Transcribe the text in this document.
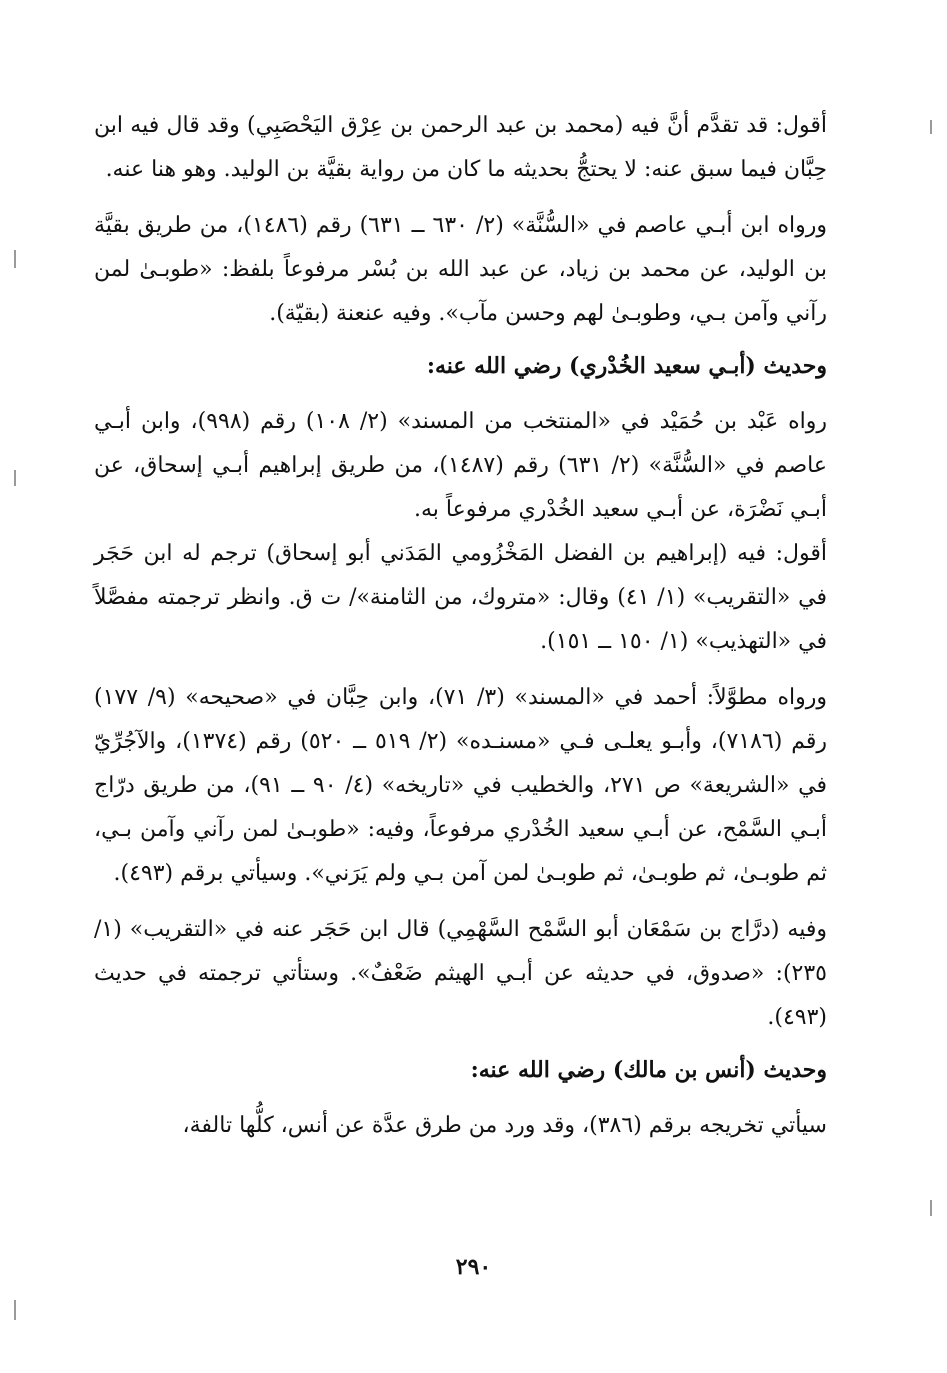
أقول: قد تقدَّم أنَّ فيه (محمد بن عبد الرحمن بن عِرْق اليَحْصَبِي) وقد قال فيه ابن حِبَّان فيما سبق عنه: لا يحتجُّ بحديثه ما كان من رواية بقيَّة بن الوليد. وهو هنا عنه.

ورواه ابن أبـي عاصم في «السُّنَّة» (٢/ ٦٣٠ ــ ٦٣١) رقم (١٤٨٦)، من طريق بقيَّة بن الوليد، عن محمد بن زياد، عن عبد الله بن بُسْر مرفوعاً بلفظ: «طوبـىٰ لمن رآني وآمن بـي، وطوبـىٰ لهم وحسن مآب». وفيه عنعنة (بقيّة).

وحديث (أبـي سعيد الخُدْري) رضي الله عنه:

رواه عَبْد بن حُمَيْد في «المنتخب من المسند» (٢/ ١٠٨) رقم (٩٩٨)، وابن أبـي عاصم في «السُّنَّة» (٢/ ٦٣١) رقم (١٤٨٧)، من طريق إبراهيم أبـي إسحاق، عن أبـي نَضْرَة، عن أبـي سعيد الخُدْري مرفوعاً به.

أقول: فيه (إبراهيم بن الفضل المَخْزُومي المَدَني أبو إسحاق) ترجم له ابن حَجَر في «التقريب» (١/ ٤١) وقال: «متروك، من الثامنة»/ ت ق. وانظر ترجمته مفصَّلاً في «التهذيب» (١/ ١٥٠ ــ ١٥١).

ورواه مطوَّلاً: أحمد في «المسند» (٣/ ٧١)، وابن حِبَّان في «صحيحه» (٩/ ١٧٧) رقم (٧١٨٦)، وأبـو يعلـى فـي «مسنـده» (٢/ ٥١٩ ــ ٥٢٠) رقم (١٣٧٤)، والآجُرِّيّ في «الشريعة» ص ٢٧١، والخطيب في «تاريخه» (٤/ ٩٠ ــ ٩١)، من طريق درّاج أبـي السَّمْح، عن أبـي سعيد الخُدْري مرفوعاً، وفيه: «طوبـىٰ لمن رآني وآمن بـي، ثم طوبـىٰ، ثم طوبـىٰ، ثم طوبـىٰ لمن آمن بـي ولم يَرَني». وسيأتي برقم (٤٩٣).

وفيه (درَّاج بن سَمْعَان أبو السَّمْح السَّهْمِي) قال ابن حَجَر عنه في «التقريب» (١/ ٢٣٥): «صدوق، في حديثه عن أبـي الهيثم ضَعْفٌ». وستأتي ترجمته في حديث (٤٩٣).

وحديث (أنس بن مالك) رضي الله عنه:

سيأتي تخريجه برقم (٣٨٦)، وقد ورد من طرق عدَّة عن أنس، كلُّها تالفة،

٢٩٠
